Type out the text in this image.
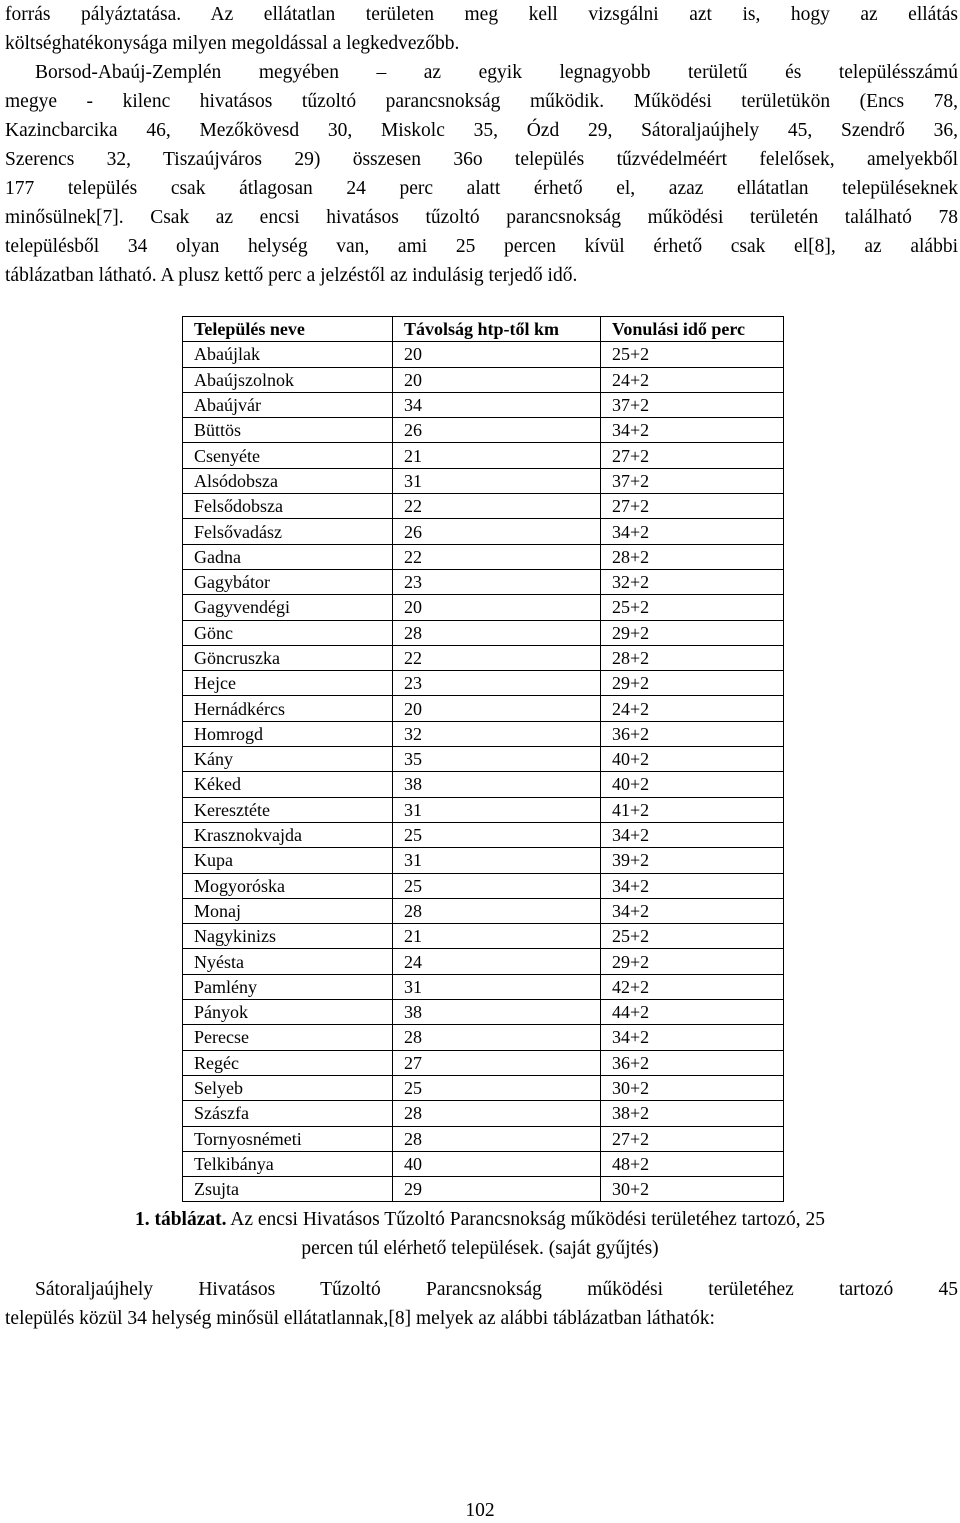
forrás pályáztatása. Az ellátatlan területen meg kell vizsgálni azt is, hogy az ellátás
költséghatékonysága milyen megoldással a legkedvezőbb.
Borsod-Abaúj-Zemplén megyében – az egyik legnagyobb területű és településszámú
megye - kilenc hivatásos tűzoltó parancsnokság működik. Működési területükön (Encs 78,
Kazincbarcika 46, Mezőkövesd 30, Miskolc 35, Ózd 29, Sátoraljaújhely 45, Szendrő 36,
Szerencs 32, Tiszaújváros 29) összesen 36o település tűzvédelméért felelősek, amelyekből
177 település csak átlagosan 24 perc alatt érhető el, azaz ellátatlan településeknek
minősülnek[7]. Csak az encsi hivatásos tűzoltó parancsnokság működési területén található 78
településből 34 olyan helység van, ami 25 percen kívül érhető csak el[8], az alábbi
táblázatban látható. A plusz kettő perc a jelzéstől az indulásig terjedő idő.
Település neve	Távolság htp-től km	Vonulási idő perc
Abaújlak	20	25+2
Abaújszolnok	20	24+2
Abaújvár	34	37+2
Büttös	26	34+2
Csenyéte	21	27+2
Alsódobsza	31	37+2
Felsődobsza	22	27+2
Felsővadász	26	34+2
Gadna	22	28+2
Gagybátor	23	32+2
Gagyvendégi	20	25+2
Gönc	28	29+2
Göncruszka	22	28+2
Hejce	23	29+2
Hernádkércs	20	24+2
Homrogd	32	36+2
Kány	35	40+2
Kéked	38	40+2
Keresztéte	31	41+2
Krasznokvajda	25	34+2
Kupa	31	39+2
Mogyoróska	25	34+2
Monaj	28	34+2
Nagykinizs	21	25+2
Nyésta	24	29+2
Pamlény	31	42+2
Pányok	38	44+2
Perecse	28	34+2
Regéc	27	36+2
Selyeb	25	30+2
Szászfa	28	38+2
Tornyosnémeti	28	27+2
Telkibánya	40	48+2
Zsujta	29	30+2
1. táblázat. Az encsi Hivatásos Tűzoltó Parancsnokság működési területéhez tartozó, 25
percen túl elérhető települések. (saját gyűjtés)
Sátoraljaújhely Hivatásos Tűzoltó Parancsnokság működési területéhez tartozó 45
település közül 34 helység minősül ellátatlannak,[8] melyek az alábbi táblázatban láthatók:
102
